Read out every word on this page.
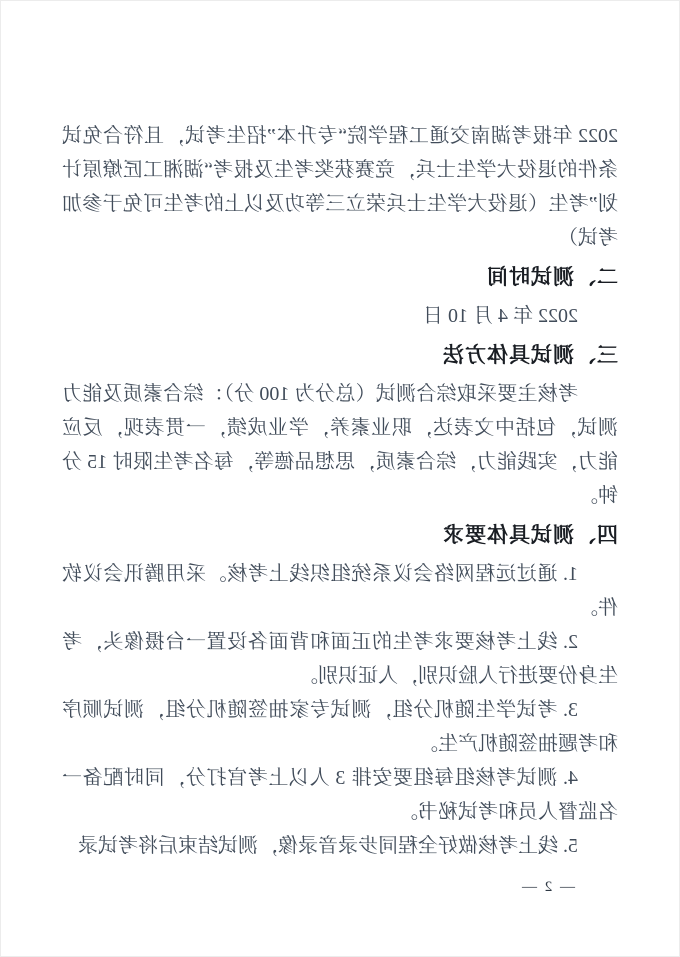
2022 年报考湖南交通工程学院“专升本”招生考试，且符合免试条件的退役大学生士兵，竞赛获奖考生及报考“湖湘工匠燎原计划”考生（退役大学生士兵荣立三等功及以上的考生可免于参加考试）

二、测试时间

2022 年 4 月 10 日

三、测试具体方法

考核主要采取综合测试（总分为 100 分）：综合素质及能力测试，包括中文表达，职业素养，学业成绩，一贯表现，反应能力，实践能力，综合素质，思想品德等，每名考生限时 15 分钟。

四、测试具体要求

1. 通过远程网络会议系统组织线上考核。采用腾讯会议软件。

2. 线上考核要求考生的正面和背面各设置一台摄像头，考生身份要进行人脸识别，人证识别。

3. 考试学生随机分组，测试专家抽签随机分组，测试顺序和考题抽签随机产生。

4. 测试考核组每组要安排 3 人以上考官打分，同时配备一名监督人员和考试秘书。

5. 线上考核做好全程同步录音录像，测试结束后将考试录

— 2 —
